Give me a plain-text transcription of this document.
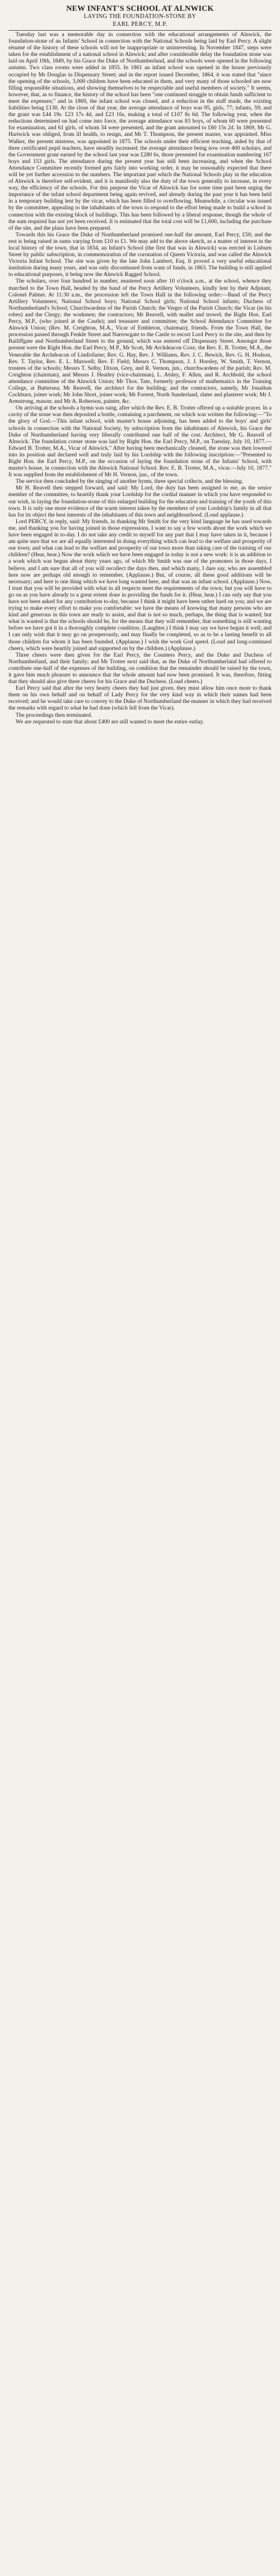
NEW INFANT'S SCHOOL AT ALNWICK
LAYING THE FOUNDATION-STONE BY
EARL PERCY, M.P.

Tuesday last was a memorable day in connection with the educational arrangements of Alnwick, the foundation-stone of an Infants' School in connection with the National Schools being laid by Earl Percy. A slight résumé of the history of these schools will not be inappropriate or uninteresting. In November 1847, steps were taken for the establishment of a national school in Alnwick; and after considerable delay the foundation stone was laid on April 19th, 1849, by his Grace the Duke of Northumberland, and the schools were opened in the following autumn. Two class rooms were added in 1855. In 1861 an infant school was opened in the house previously occupied by Mr Douglas in Dispensary Street; and in the report issued December, 1864, it was stated that "since the opening of the schools, 3,000 children have been educated in them, and very many of those schooled are now filling responsible situations, and showing themselves to be respectable and useful members of society." It seems, however, that, as to finance, the history of the school has been "one continued struggle to obtain funds sufficient to meet the expenses;" and in 1869, the infant school was closed, and a reduction in the staff made, the existing liabilities being £130. At the close of that year, the average attendance of boys was 95, girls, 77; infants, 59; and the grant was £44 19s. £23 17s 4d, and £23 16s, making a total of £107 8s 6d. The following year, when the reductions determined on had come into force, the average attendance was 83 boys, of whom 60 were presented for examination, and 61 girls, of whom 34 were presented, and the grant amounted to £60 15s 2d. In 1869, Mr G. Hartwick was obliged, from ill health, to resign, and Mr T. Thompson, the present master, was appointed. Miss Walker, the present mistress, was appointed in 1875. The schools under their efficient teaching, aided by that of three certificated pupil teachers, have steadily increased; the average attendance being now over 400 scholars, and the Government grant earned by the school last year was £280 6s, those presented for examination numbering 167 boys and 153 girls. The attendance during the present year has still been increasing, and when the School Attendance Committee recently formed gets fairly into working order, it may be reasonably expected that there will be yet further accession to the numbers. The important part which the National Schools play in the education of Alnwick is therefore self-evident, and it is manifestly also the duty of the town generally to increase, in every way, the efficiency of the schools. For this purpose the Vicar of Alnwick has for some time past been urging the importance of the infant school department being again revived, and already during the past year it has been held in a temporary building lent by the vicar, which has been filled to overflowing. Meanwhile, a circular was issued by the committee, appealing to the inhabitants of the town to respond to the effort being made to build a school in connection with the existing block of buildings. This has been followed by a liberal response, though the whole of the sum required has not yet been received. It is estimated that the total cost will be £1,600, including the purchase of the site, and the plans have been prepared.

Towards this his Grace the Duke of Northumberland promised one-half the amount, Earl Percy, £50; and the rest is being raised in sums varying from £10 to £1. We may add to the above sketch, as a matter of interest in the local history of the town, that in 1834, an Infant's School (the first that was in Alnwick) was erected in Lisburn Street by public subscription, in commemoration of the coronation of Queen Victoria, and was called the Alnwick Victoria Infant School. The site was given by the late John Lambert, Esq. It proved a very useful educational institution during many years, and was only discontinued from want of funds, in 1863. The building is still applied to educational purposes, it being now the Alnwick Ragged School.

The scholars, over four hundred in number, mustered soon after 10 o'clock a.m., at the school, whence they marched to the Town Hall, headed by the band of the Percy Artillery Volunteers, kindly lent by their Adjutant, Colonel Palmer. At 11:30 a.m., the procession left the Town Hall in the following order:—Band of the Percy Artillery Volunteers; National School boys; National School girls; National School infants; Duchess of Northumberland's School; Churchwardens of the Parish Church; the Verger of the Parish Church; the Vicar (in his robes) and the Clergy; the workmen; the contractors; Mr Reavell, with mallet and trowel; the Right Hon. Earl Percy, M.P., (who joined at the Castle); and treasurer and committee; the School Attendance Committee for Alnwick Union; (Rev. M. Creighton, M.A., Vicar of Embleton, chairman); friends. From the Town Hall, the procession passed through Fenkle Street and Narrowgate to the Castle to escort Lord Percy to the site, and then by Bailiffgate and Northumberland Street to the ground, which was entered off Dispensary Street. Amongst those present were the Right Hon. the Earl Percy, M.P., Mr Scott, Mr Archdeacon Coxe, the Rev. E. B. Trotter, M.A., the Venerable the Archdeacon of Lindisfarne; Rev. G. Hay, Rev. J. Williams, Rev. J. C. Bewick, Rev. G. H. Hodson, Rev. T. Taylor, Rev. E. L. Maxwell; Rev. F. Field; Messrs C. Thompson, J. J. Horsley, W. Smith, T. Vernon, trustees of the schools; Messrs T. Selby, Dixon, Grey, and R. Vernon, jun., churchwardens of the parish; Rev. M. Creighton (chairman), and Messrs J. Heatley (vice-chairman), L. Atsley, F. Allen, and R. Archbold, the school attendance committee of the Alnwick Union; Mr Thos. Tate, formerly professor of mathematics in the Training College, at Battersea; Mr Reavell, the architect for the building; and the contractors, namely, Mr Jonathan Cockburn, joiner work; Mr John Short, joiner work; Mr Forrest, North Sunderland, slater and plasterer work; Mr J. Armstrong, mason; and Mr A. Roberson, painter, &c.

On arriving at the schools a hymn was sung, after which the Rev. E. B. Trotter offered up a suitable prayer. In a cavity of the stone was then deposited a bottle, containing a parchment, on which was written the following:—"To the glory of God.—This infant school, with master's house adjoining, has been added to the boys' and girls' schools in connection with the National Society, by subscription from the inhabitants of Alnwick, his Grace the Duke of Northumberland having very liberally contributed one half of the cost. Architect, Mr G. Reavell of Alnwick. The foundation corner stone was laid by Right Hon. the Earl Percy, M.P., on Tuesday, July 10, 1877.—Edward B. Trotter, M.A., Vicar of Alnwick." After having been mechanically cleaned, the stone was then lowered into its position and declared well and truly laid by his Lordship with the following inscription:—"Presented to Right Hon. the Earl Percy, M.P., on the occasion of laying the foundation stone of the Infants' School, with master's house, in connection with the Alnwick National School. Rev. E. B. Trotter, M.A., vicar.—July 10, 1877." It was supplied from the establishment of Mr H. Vernon, jun., of the town.

The service then concluded by the singing of another hymn, three special collects, and the blessing.

Mr H. Reavell then stepped forward, and said: My Lord, the duty has been assigned to me, as the senior member of the committee, to heartily thank your Lordship for the cordial manner in which you have responded to our wish, in laying the foundation-stone of this enlarged building for the education and training of the youth of this town. It is only one more evidence of the warm interest taken by the members of your Lordship's family in all that has for its object the best interests of the inhabitants of this town and neighbourhood. (Loud applause.)

Lord PERCY, in reply, said: My friends, in thanking Mr Smith for the very kind language he has used towards me, and thanking you for having joined in those expressions, I want to say a few words about the work which we have been engaged in to-day. I do not take any credit to myself for any part that I may have taken in it, because I am quite sure that we are all equally interested in doing everything which can lead to the welfare and prosperity of our town; and what can lead to the welfare and prosperity of our town more than taking care of the training of our children? (Hear, hear.) Now the work which we have been engaged in today is not a new work: it is an addition to a work which was begun about thirty years ago, of which Mr Smith was one of the promoters in those days, I believe, and I am sure that all of you will recollect the days then, and which many, I dare say, who are assembled here now are perhaps old enough to remember. (Applause.) But, of course, all these good additions will be necessary; and here is one thing which we have long wanted here, and that was an infant school. (Applause.) Now, I trust that you will be provided with what in all respects meet the requirements of the town; but you will have to go on as you have already to a great extent done in providing the funds for it. (Hear, hear.) I can only say that you have not been asked for any contribution to-day, because I think it might have been rather hard on you; and we are trying to make every effort to make you comfortable: we have the means of knowing that many persons who are kind and generous in this town are ready to assist, and that is not so much, perhaps, the thing that is wanted; but what is wanted is that the schools should be, for the means that they will remember, that something is still wanting before we have got it in a thoroughly complete condition. (Laughter.) I think I may say we have begun it well; and I can only wish that it may go on prosperously, and may finally be completed, so as to be a lasting benefit to all those children for whom it has been founded. (Applause.) I wish the work God speed. (Loud and long-continued cheers, which were heartily joined and supported on by the children.) (Applause.)

Three cheers were then given for the Earl Percy, the Countess Percy, and the Duke and Duchess of Northumberland, and their family; and Mr Trotter next said that, as the Duke of Northumberland had offered to contribute one-half of the expenses of the building, on condition that the remainder should be raised by the town, it gave him much pleasure to announce that the whole amount had now been promised. It was, therefore, fitting that they should also give three cheers for his Grace and the Duchess. (Loud cheers.)

Earl Percy said that after the very hearty cheers they had just given, they must allow him once more to thank them on his own behalf and on behalf of Lady Percy for the very kind way in which their names had been received; and he would take care to convey to the Duke of Northumberland the manner in which they had received the remarks with regard to what he had done (which fell from the Vicar).

The proceedings then terminated.

We are requested to state that about £400 are still wanted to meet the entire outlay.
